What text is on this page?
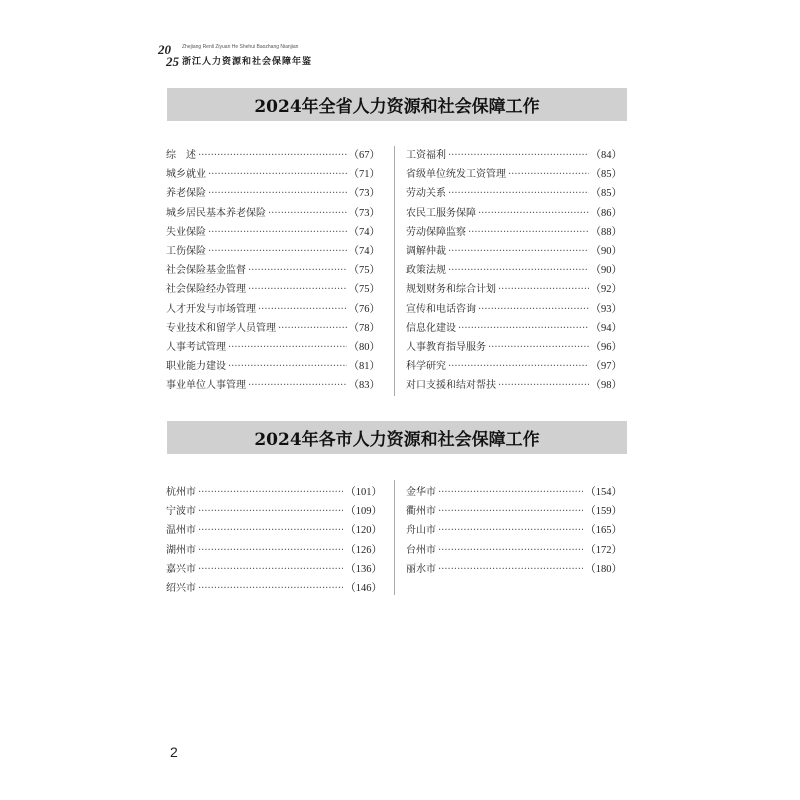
20
25
Zhejiang Renli Ziyuan He Shehui Baozhang Nianjian
浙江人力资源和社会保障年鉴
2024年全省人力资源和社会保障工作
综　述 ·····	（67）
城乡就业 ·····	（71）
养老保险 ·····	（73）
城乡居民基本养老保险 ·····	（73）
失业保险 ·····	（74）
工伤保险 ·····	（74）
社会保险基金监督 ·····	（75）
社会保险经办管理 ·····	（75）
人才开发与市场管理 ·····	（76）
专业技术和留学人员管理 ·····	（78）
人事考试管理 ·····	（80）
职业能力建设 ·····	（81）
事业单位人事管理 ·····	（83）
工资福利 ·····	（84）
省级单位统发工资管理 ·····	（85）
劳动关系 ·····	（85）
农民工服务保障 ·····	（86）
劳动保障监察 ·····	（88）
调解仲裁 ·····	（90）
政策法规 ·····	（90）
规划财务和综合计划 ·····	（92）
宣传和电话咨询 ·····	（93）
信息化建设 ·····	（94）
人事教育指导服务 ·····	（96）
科学研究 ·····	（97）
对口支援和结对帮扶 ·····	（98）
2024年各市人力资源和社会保障工作
杭州市 ·····	（101）
宁波市 ·····	（109）
温州市 ·····	（120）
湖州市 ·····	（126）
嘉兴市 ·····	（136）
绍兴市 ·····	（146）
金华市 ·····	（154）
衢州市 ·····	（159）
舟山市 ·····	（165）
台州市 ·····	（172）
丽水市 ·····	（180）
2
